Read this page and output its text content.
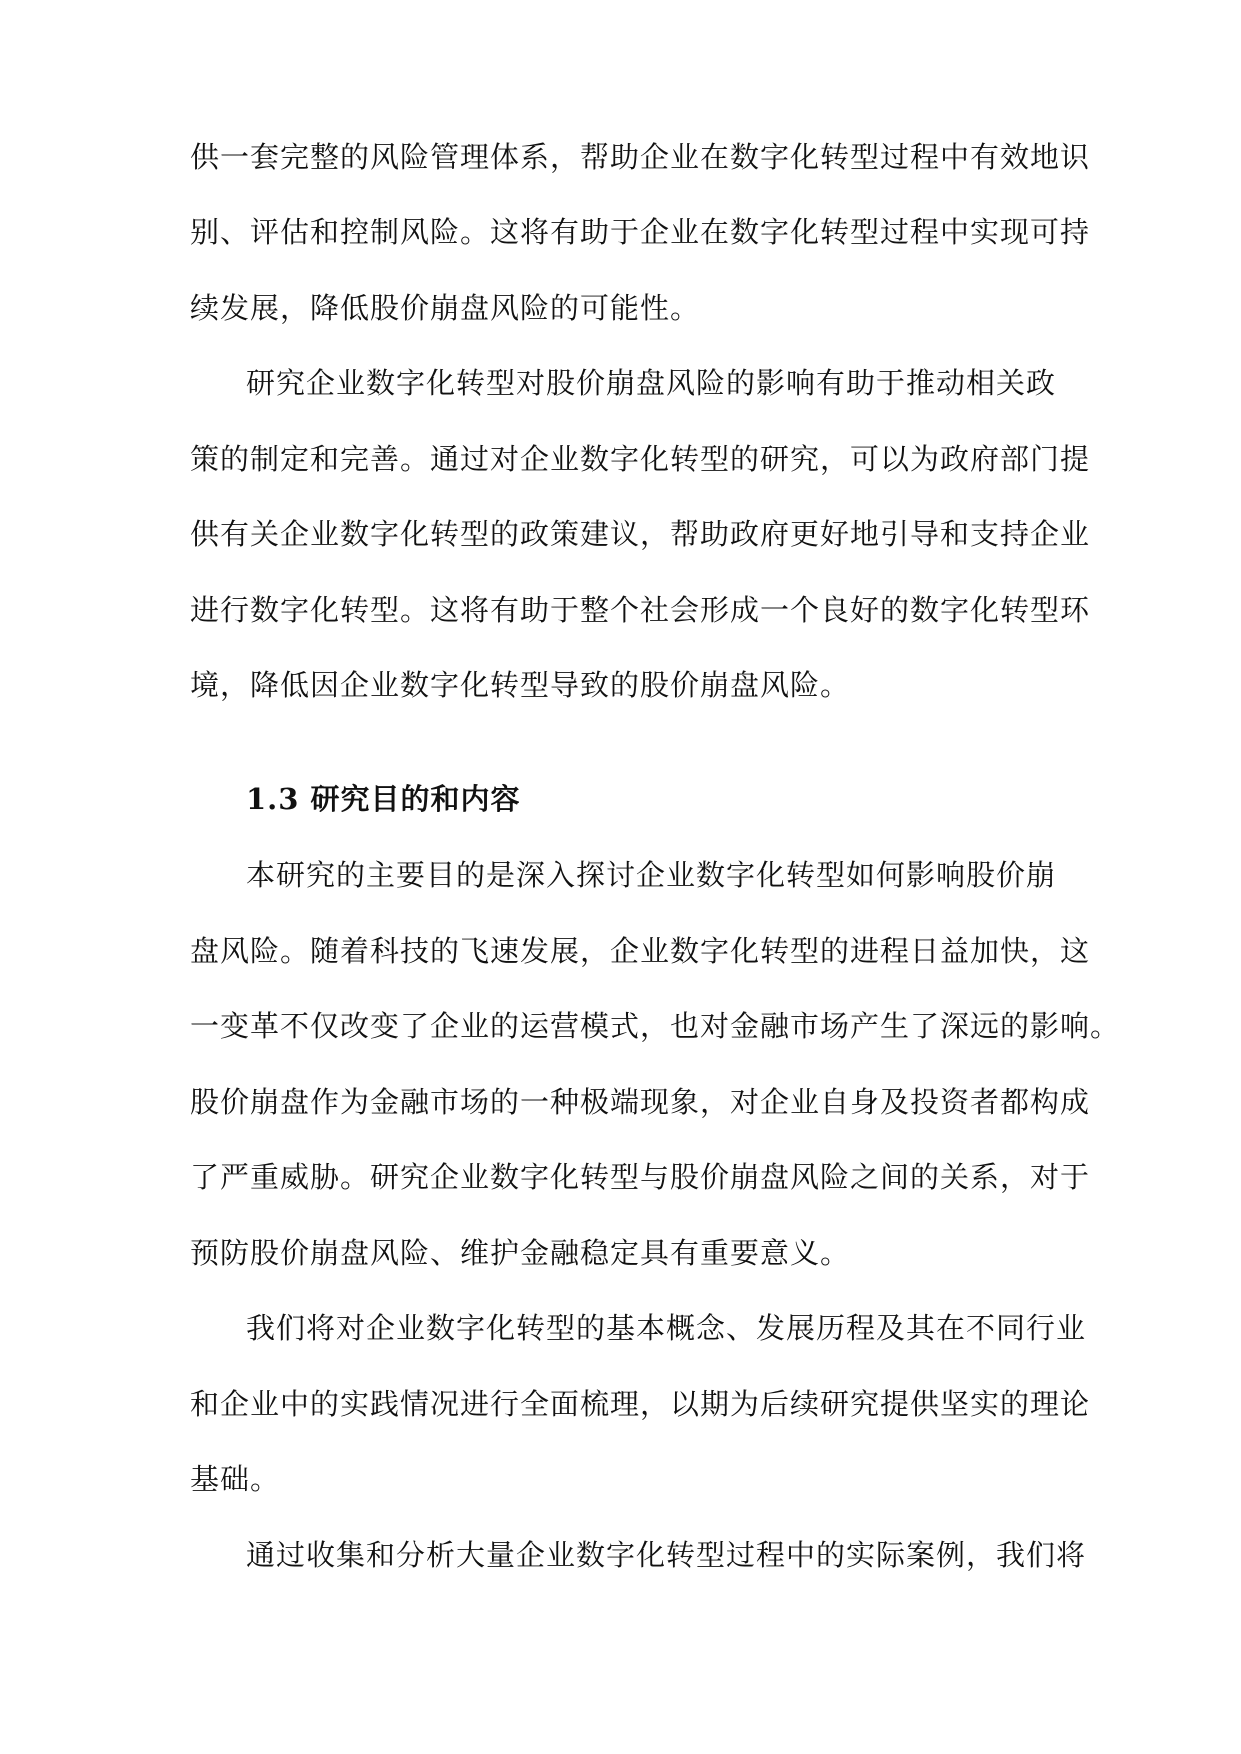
供一套完整的风险管理体系，帮助企业在数字化转型过程中有效地识

别、评估和控制风险。这将有助于企业在数字化转型过程中实现可持

续发展，降低股价崩盘风险的可能性。

研究企业数字化转型对股价崩盘风险的影响有助于推动相关政

策的制定和完善。通过对企业数字化转型的研究，可以为政府部门提

供有关企业数字化转型的政策建议，帮助政府更好地引导和支持企业

进行数字化转型。这将有助于整个社会形成一个良好的数字化转型环

境，降低因企业数字化转型导致的股价崩盘风险。

1.3 研究目的和内容

本研究的主要目的是深入探讨企业数字化转型如何影响股价崩

盘风险。随着科技的飞速发展，企业数字化转型的进程日益加快，这

一变革不仅改变了企业的运营模式，也对金融市场产生了深远的影响。

股价崩盘作为金融市场的一种极端现象，对企业自身及投资者都构成

了严重威胁。研究企业数字化转型与股价崩盘风险之间的关系，对于

预防股价崩盘风险、维护金融稳定具有重要意义。

我们将对企业数字化转型的基本概念、发展历程及其在不同行业

和企业中的实践情况进行全面梳理，以期为后续研究提供坚实的理论

基础。

通过收集和分析大量企业数字化转型过程中的实际案例，我们将
